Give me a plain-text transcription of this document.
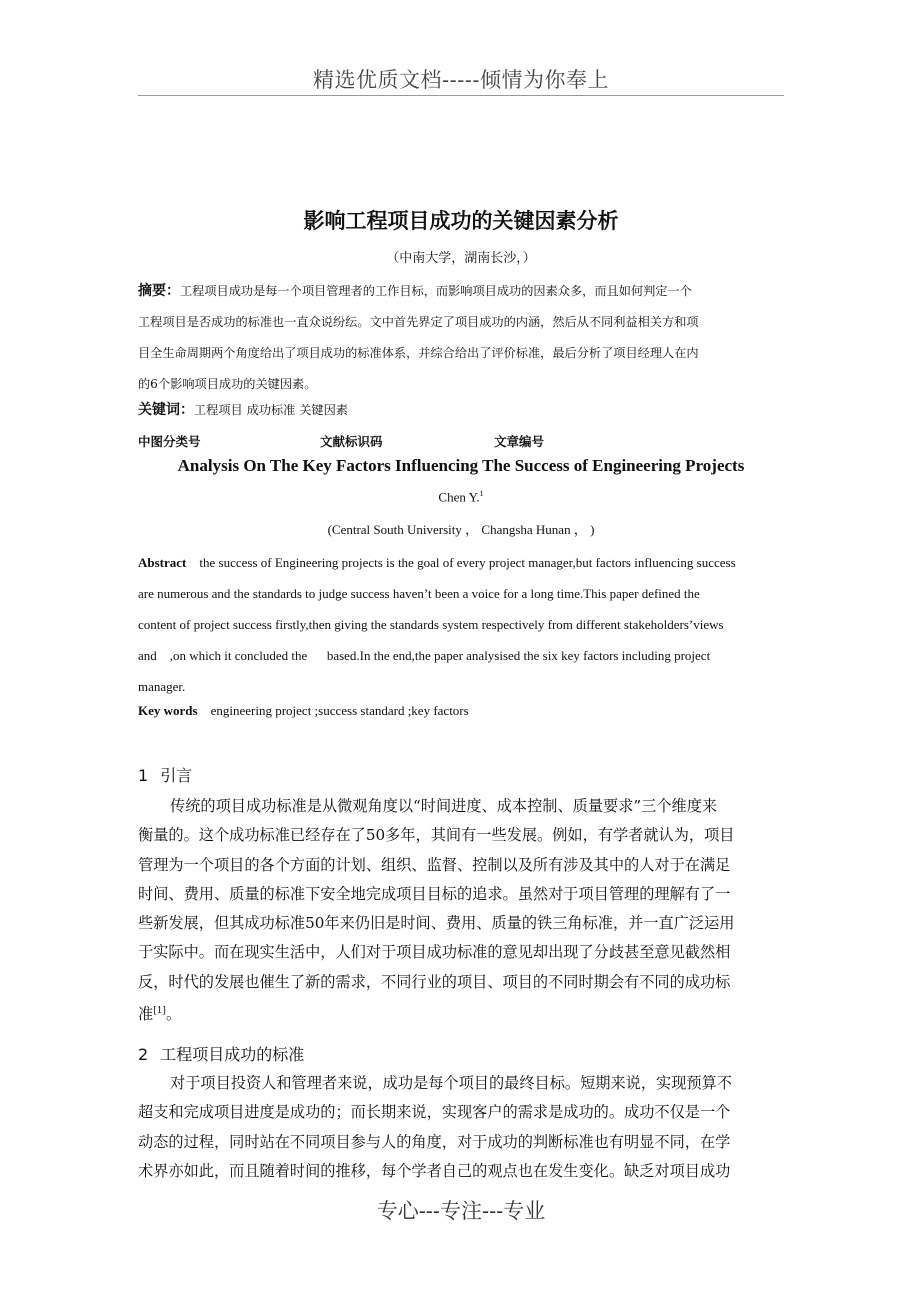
精选优质文档-----倾情为你奉上
影响工程项目成功的关键因素分析
（中南大学，湖南长沙，）
摘要：工程项目成功是每一个项目管理者的工作目标，而影响项目成功的因素众多，而且如何判定一个
工程项目是否成功的标准也一直众说纷纭。文中首先界定了项目成功的内涵，然后从不同利益相关方和项
目全生命周期两个角度给出了项目成功的标准体系，并综合给出了评价标准，最后分析了项目经理人在内
的6个影响项目成功的关键因素。
关键词：工程项目 成功标准 关键因素
中图分类号	文献标识码	文章编号
Analysis On The Key Factors Influencing The Success of Engineering Projects
Chen Y.$^1$
(Central South University ， Changsha Hunan ， )
Abstract    the success of Engineering projects is the goal of every project manager,but factors influencing success
are numerous and the standards to judge success haven’t been a voice for a long time.This paper defined the
content of project success firstly,then giving the standards system respectively from different stakeholders’views
and    ,on which it concluded the      based.In the end,the paper analysised the six key factors including project
manager.
Key words    engineering project ;success standard ;key factors
1 引言
传统的项目成功标准是从微观角度以“时间进度、成本控制、质量要求”三个维度来
衡量的。这个成功标准已经存在了50多年，其间有一些发展。例如，有学者就认为，项目
管理为一个项目的各个方面的计划、组织、监督、控制以及所有涉及其中的人对于在满足
时间、费用、质量的标准下安全地完成项目目标的追求。虽然对于项目管理的理解有了一
些新发展，但其成功标准50年来仍旧是时间、费用、质量的铁三角标准，并一直广泛运用
于实际中。而在现实生活中，人们对于项目成功标准的意见却出现了分歧甚至意见截然相
反，时代的发展也催生了新的需求，不同行业的项目、项目的不同时期会有不同的成功标
准[1]。
2 工程项目成功的标准
对于项目投资人和管理者来说，成功是每个项目的最终目标。短期来说，实现预算不
超支和完成项目进度是成功的；而长期来说，实现客户的需求是成功的。成功不仅是一个
动态的过程，同时站在不同项目参与人的角度，对于成功的判断标准也有明显不同，在学
术界亦如此，而且随着时间的推移，每个学者自己的观点也在发生变化。缺乏对项目成功
专心---专注---专业
